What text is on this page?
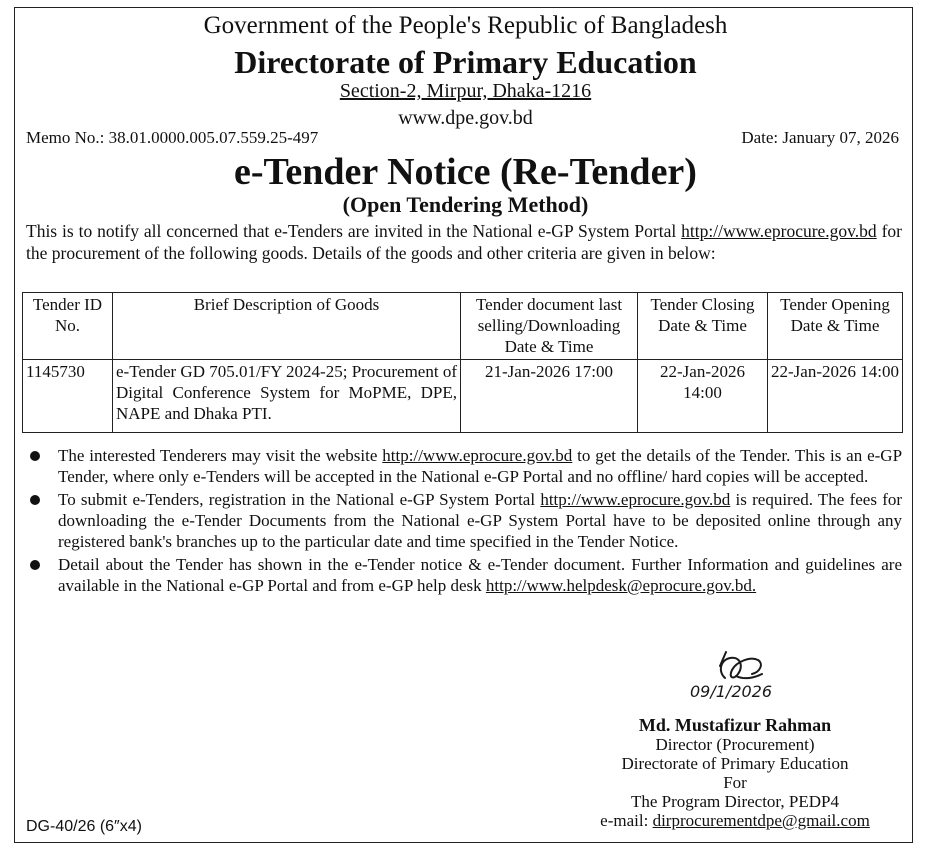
Government of the People's Republic of Bangladesh
Directorate of Primary Education
Section-2, Mirpur, Dhaka-1216
www.dpe.gov.bd
Memo No.: 38.01.0000.005.07.559.25-497	Date: January 07, 2026
e-Tender Notice (Re-Tender)
(Open Tendering Method)
This is to notify all concerned that e-Tenders are invited in the National e-GP System Portal http://www.eprocure.gov.bd for the procurement of the following goods. Details of the goods and other criteria are given in below:
Tender ID No.	Brief Description of Goods	Tender document last selling/Downloading Date & Time	Tender Closing Date & Time	Tender Opening Date & Time
1145730	e-Tender GD 705.01/FY 2024-25; Procurement of Digital Conference System for MoPME, DPE, NAPE and Dhaka PTI.	21-Jan-2026 17:00	22-Jan-2026 14:00	22-Jan-2026 14:00
The interested Tenderers may visit the website http://www.eprocure.gov.bd to get the details of the Tender. This is an e-GP Tender, where only e-Tenders will be accepted in the National e-GP Portal and no offline/ hard copies will be accepted.
To submit e-Tenders, registration in the National e-GP System Portal http://www.eprocure.gov.bd is required. The fees for downloading the e-Tender Documents from the National e-GP System Portal have to be deposited online through any registered bank's branches up to the particular date and time specified in the Tender Notice.
Detail about the Tender has shown in the e-Tender notice & e-Tender document. Further Information and guidelines are available in the National e-GP Portal and from e-GP help desk http://www.helpdesk@eprocure.gov.bd.
09/1/2026
Md. Mustafizur Rahman
Director (Procurement)
Directorate of Primary Education
For
The Program Director, PEDP4
e-mail: dirprocurementdpe@gmail.com
DG-40/26 (6″x4)
